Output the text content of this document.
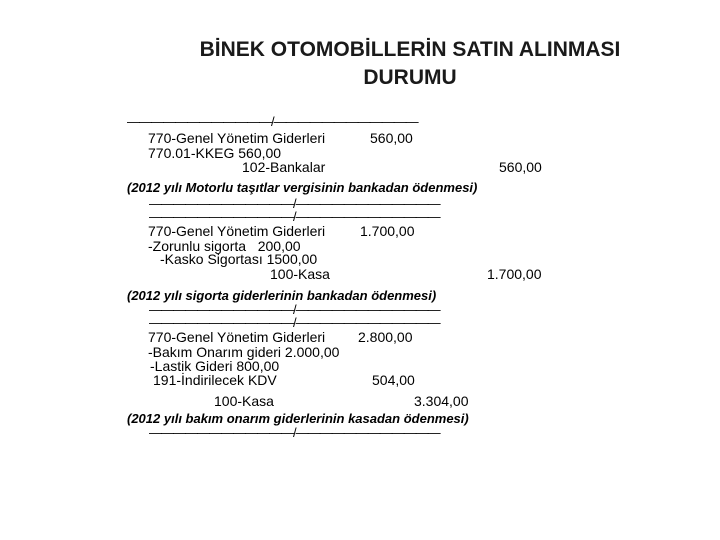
BİNEK OTOMOBİLLERİN SATIN ALINMASI
DURUMU
————————————/————————————
770-Genel Yönetim Giderleri	560,00
770.01-KKEG 560,00
102-Bankalar	560,00
(2012 yılı Motorlu taşıtlar vergisinin bankadan ödenmesi)
————————————/————————————
————————————/————————————
770-Genel Yönetim Giderleri 1.700,00
-Zorunlu sigorta   200,00
-Kasko Sigortası 1500,00
100-Kasa	1.700,00
(2012 yılı sigorta giderlerinin bankadan ödenmesi)
————————————/————————————
————————————/————————————
770-Genel Yönetim Giderleri 2.800,00
-Bakım Onarım gideri 2.000,00
-Lastik Gideri 800,00
191-İndirilecek KDV	504,00
100-Kasa	3.304,00
(2012 yılı bakım onarım giderlerinin kasadan ödenmesi)
————————————/————————————
